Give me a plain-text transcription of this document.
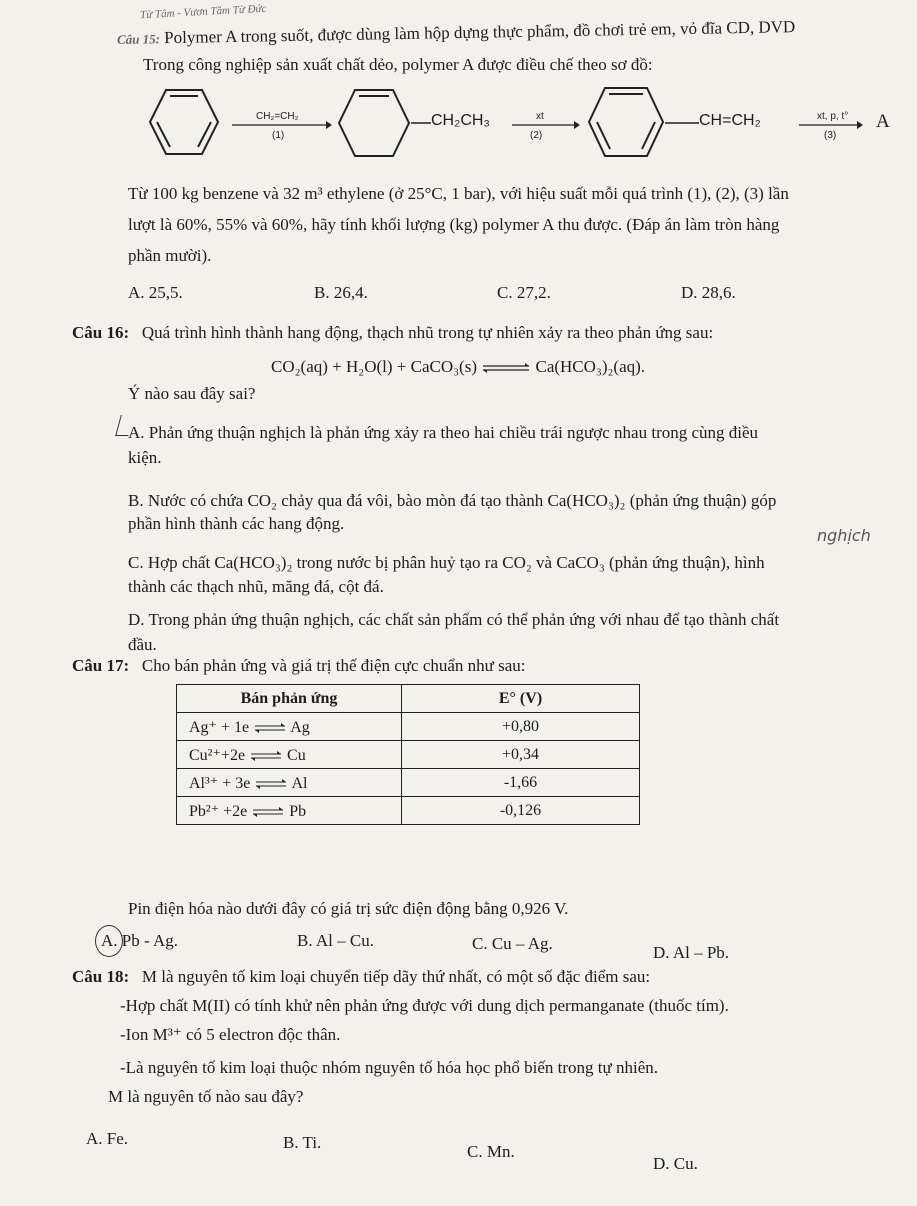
Từ Tâm - Vươn Tầm Từ Đức
Câu 15: Polymer A trong suốt, được dùng làm hộp dựng thực phẩm, đồ chơi trẻ em, vỏ đĩa CD, DVD
Trong công nghiệp sản xuất chất dẻo, polymer A được điều chế theo sơ đồ:
CH₂=CH₂
(1)
CH₂CH₃	xt
(2)
CH=CH₂	xt, p, t°
(3)
A
Từ 100 kg benzene và 32 m³ ethylene (ở 25°C, 1 bar), với hiệu suất mỗi quá trình (1), (2), (3) lần
lượt là 60%, 55% và 60%, hãy tính khối lượng (kg) polymer A thu được. (Đáp án làm tròn hàng
phần mười).
A. 25,5.	B. 26,4.	C. 27,2.	D. 28,6.
Câu 16: Quá trình hình thành hang động, thạch nhũ trong tự nhiên xảy ra theo phản ứng sau:
CO₂(aq) + H₂O(l) + CaCO₃(s) ⇌ Ca(HCO₃)₂(aq).
Ý nào sau đây sai?
A. Phản ứng thuận nghịch là phản ứng xảy ra theo hai chiều trái ngược nhau trong cùng điều
kiện.
B. Nước có chứa CO₂ chảy qua đá vôi, bào mòn đá tạo thành Ca(HCO₃)₂ (phản ứng thuận) góp
phần hình thành các hang động.
nghịch
C. Hợp chất Ca(HCO₃)₂ trong nước bị phân huỷ tạo ra CO₂ và CaCO₃ (phản ứng thuận), hình
thành các thạch nhũ, măng đá, cột đá.
D. Trong phản ứng thuận nghịch, các chất sản phẩm có thể phản ứng với nhau để tạo thành chất
đầu.
Câu 17: Cho bán phản ứng và giá trị thế điện cực chuẩn như sau:
Bán phản ứng	E° (V)
Ag⁺ + 1e ⇌ Ag	+0,80
Cu²⁺+2e ⇌ Cu	+0,34
Al³⁺ + 3e ⇌ Al	-1,66
Pb²⁺ +2e ⇌ Pb	-0,126
Pin điện hóa nào dưới đây có giá trị sức điện động bằng 0,926 V.
A. Pb - Ag.	B. Al – Cu.	C. Cu – Ag.	D. Al – Pb.
Câu 18: M là nguyên tố kim loại chuyển tiếp dãy thứ nhất, có một số đặc điểm sau:
-Hợp chất M(II) có tính khử nên phản ứng được với dung dịch permanganate (thuốc tím).
-Ion M³⁺ có 5 electron độc thân.
-Là nguyên tố kim loại thuộc nhóm nguyên tố hóa học phổ biến trong tự nhiên.
M là nguyên tố nào sau đây?
A. Fe.	B. Ti.	C. Mn.
D. Cu.
